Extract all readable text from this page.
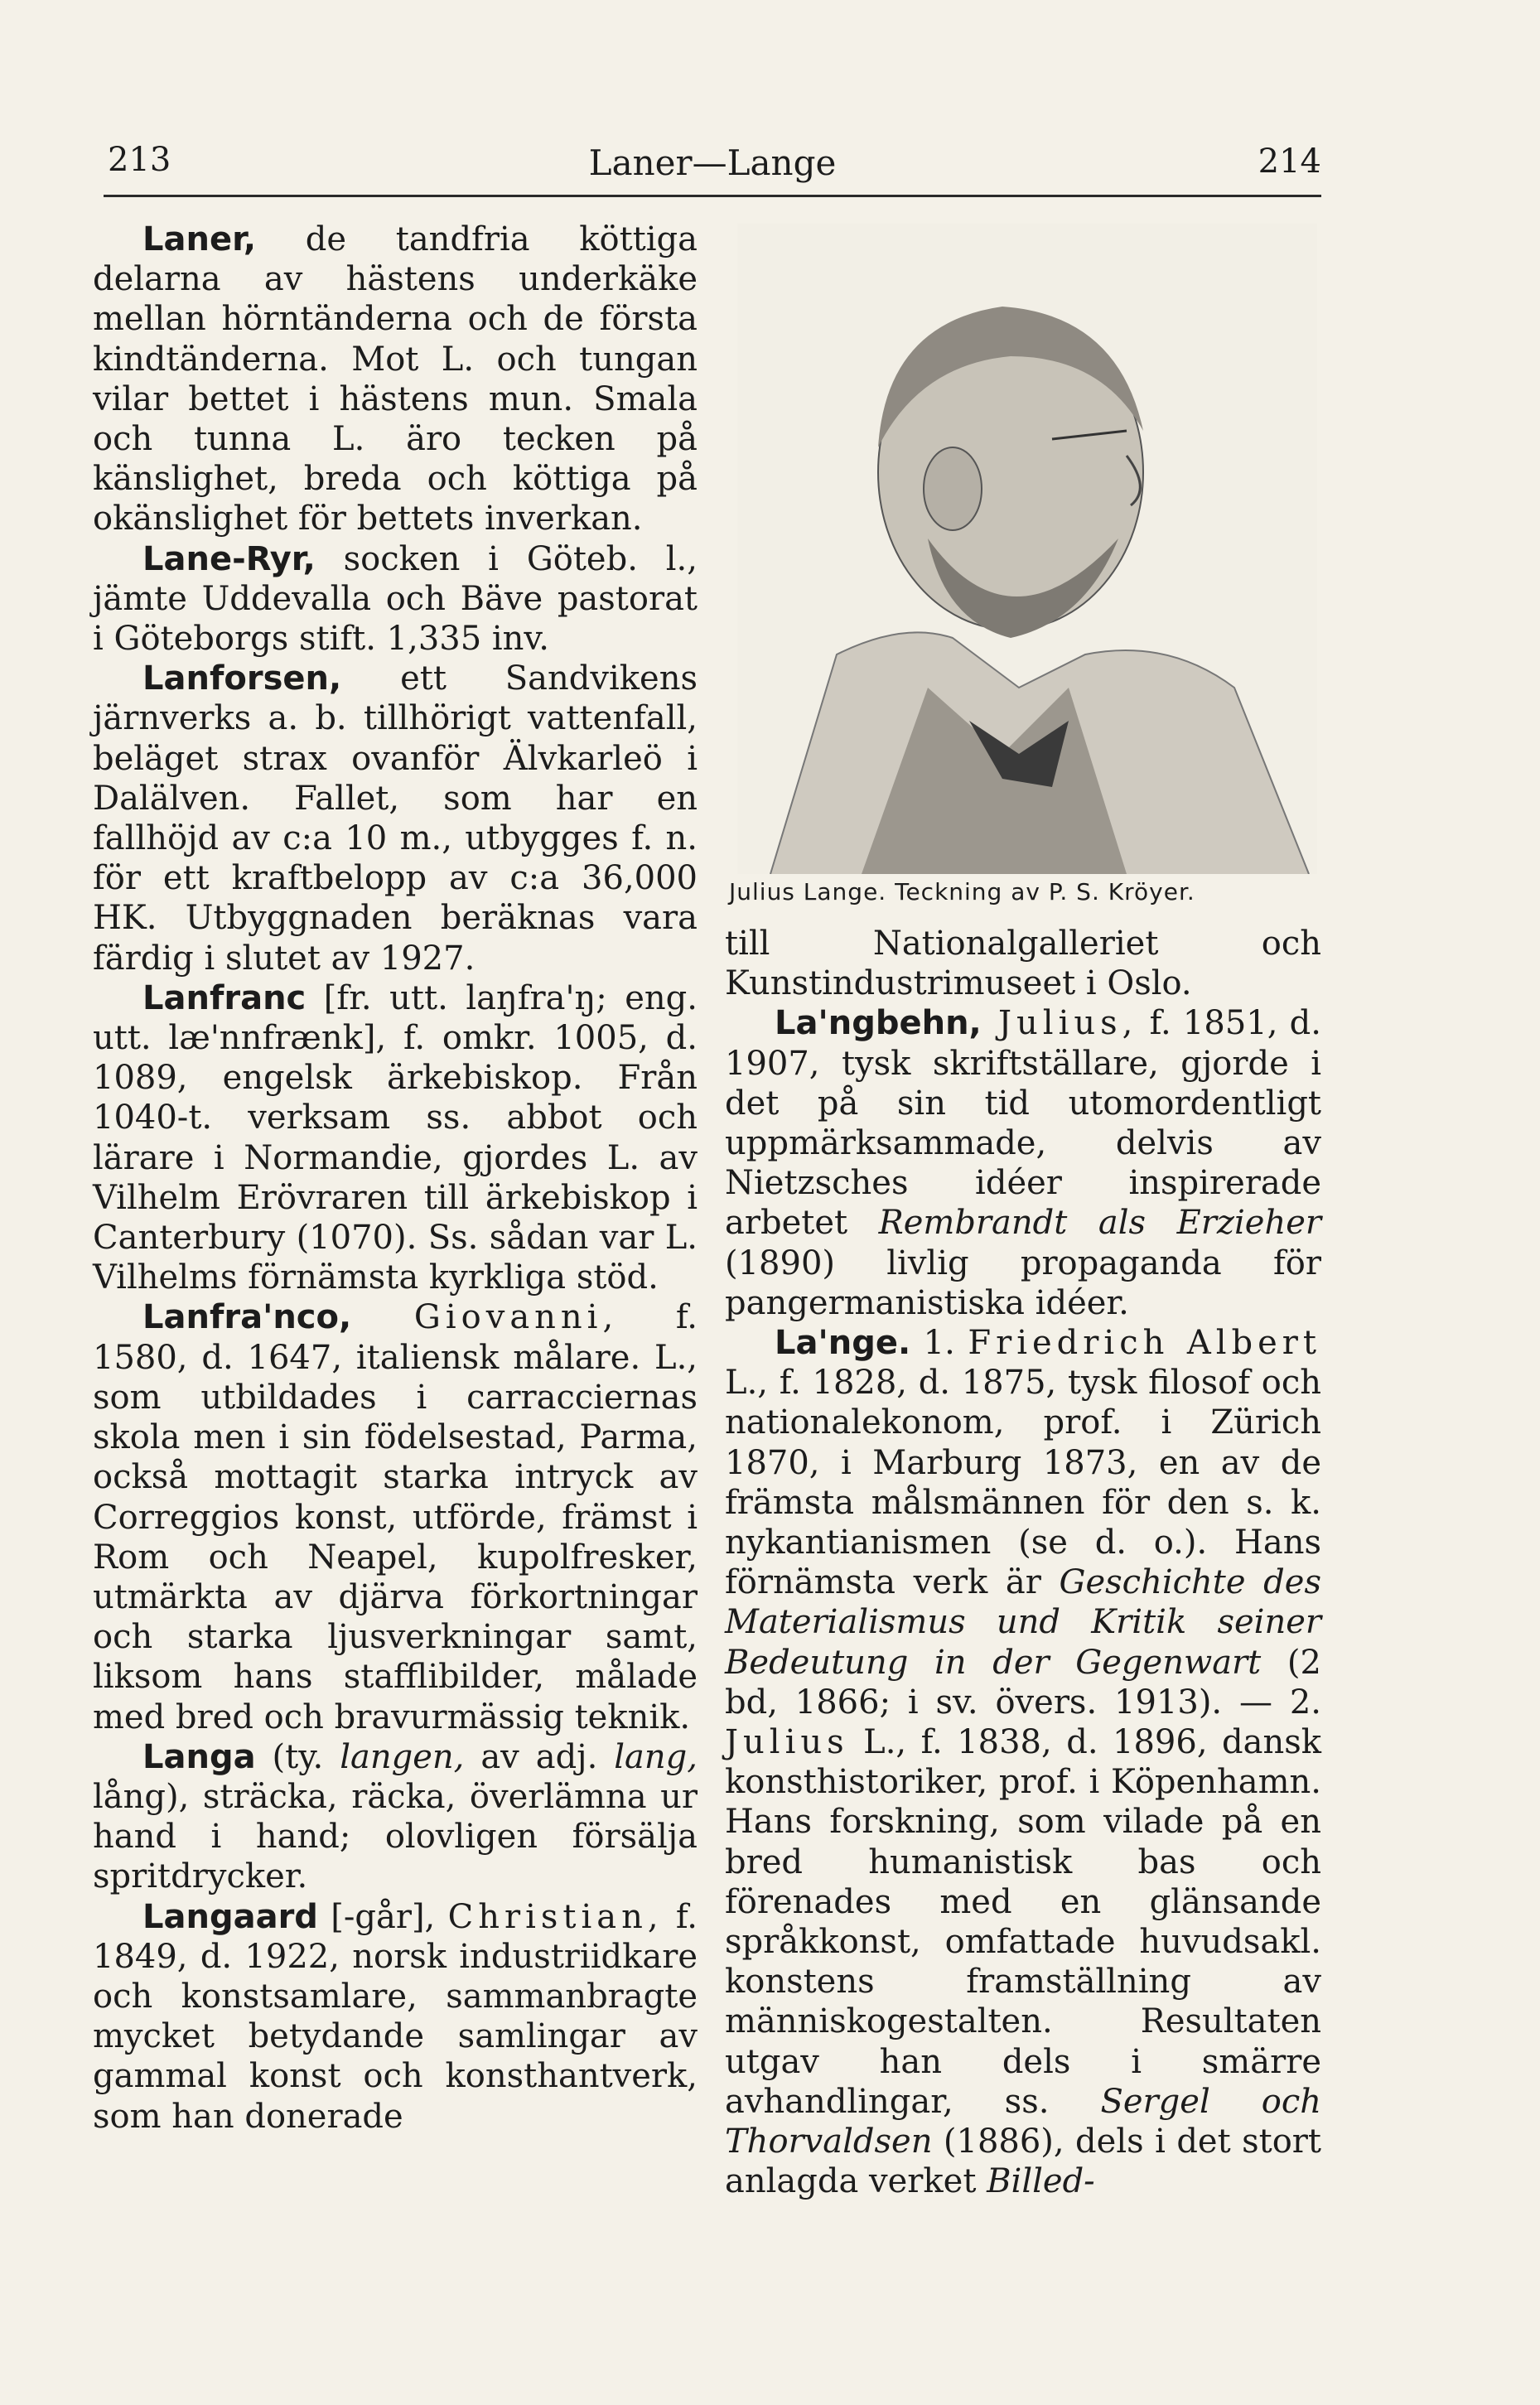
213	Laner—Lange	214

Laner, de tandfria köttiga delarna av hästens underkäke mellan hörntänderna och de första kindtänderna. Mot L. och tungan vilar bettet i hästens mun. Smala och tunna L. äro tecken på känslighet, breda och köttiga på okänslighet för bettets inverkan.

Lane-Ryr, socken i Göteb. l., jämte Uddevalla och Bäve pastorat i Göteborgs stift. 1,335 inv.

Lanforsen, ett Sandvikens järnverks a. b. tillhörigt vattenfall, beläget strax ovanför Älvkarleö i Dalälven. Fallet, som har en fallhöjd av c:a 10 m., utbygges f. n. för ett kraftbelopp av c:a 36,000 HK. Utbyggnaden beräknas vara färdig i slutet av 1927.

Lanfranc [fr. utt. laŋfra'ŋ; eng. utt. læ'nnfrænk], f. omkr. 1005, d. 1089, engelsk ärkebiskop. Från 1040-t. verksam ss. abbot och lärare i Normandie, gjordes L. av Vilhelm Erövraren till ärkebiskop i Canterbury (1070). Ss. sådan var L. Vilhelms förnämsta kyrkliga stöd.

Lanfra'nco, Giovanni, f. 1580, d. 1647, italiensk målare. L., som utbildades i carracciernas skola men i sin födelsestad, Parma, också mottagit starka intryck av Correggios konst, utförde, främst i Rom och Neapel, kupolfresker, utmärkta av djärva förkortningar och starka ljusverkningar samt, liksom hans stafflibilder, målade med bred och bravurmässig teknik.

Langa (ty. langen, av adj. lang, lång), sträcka, räcka, överlämna ur hand i hand; olovligen försälja spritdrycker.

Langaard [-går], Christian, f. 1849, d. 1922, norsk industriidkare och konstsamlare, sammanbragte mycket betydande samlingar av gammal konst och konsthantverk, som han donerade

Julius Lange. Teckning av P. S. Kröyer.

till Nationalgalleriet och Kunstindustrimuseet i Oslo.

La'ngbehn, Julius, f. 1851, d. 1907, tysk skriftställare, gjorde i det på sin tid utomordentligt uppmärksammade, delvis av Nietzsches idéer inspirerade arbetet Rembrandt als Erzieher (1890) livlig propaganda för pangermanistiska idéer.

La'nge. 1. Friedrich Albert L., f. 1828, d. 1875, tysk filosof och nationalekonom, prof. i Zürich 1870, i Marburg 1873, en av de främsta målsmännen för den s. k. nykantianismen (se d. o.). Hans förnämsta verk är Geschichte des Materialismus und Kritik seiner Bedeutung in der Gegenwart (2 bd, 1866; i sv. övers. 1913). — 2. Julius L., f. 1838, d. 1896, dansk konsthistoriker, prof. i Köpenhamn. Hans forskning, som vilade på en bred humanistisk bas och förenades med en glänsande språkkonst, omfattade huvudsakl. konstens framställning av människogestalten. Resultaten utgav han dels i smärre avhandlingar, ss. Sergel och Thorvaldsen (1886), dels i det stort anlagda verket Billed-
